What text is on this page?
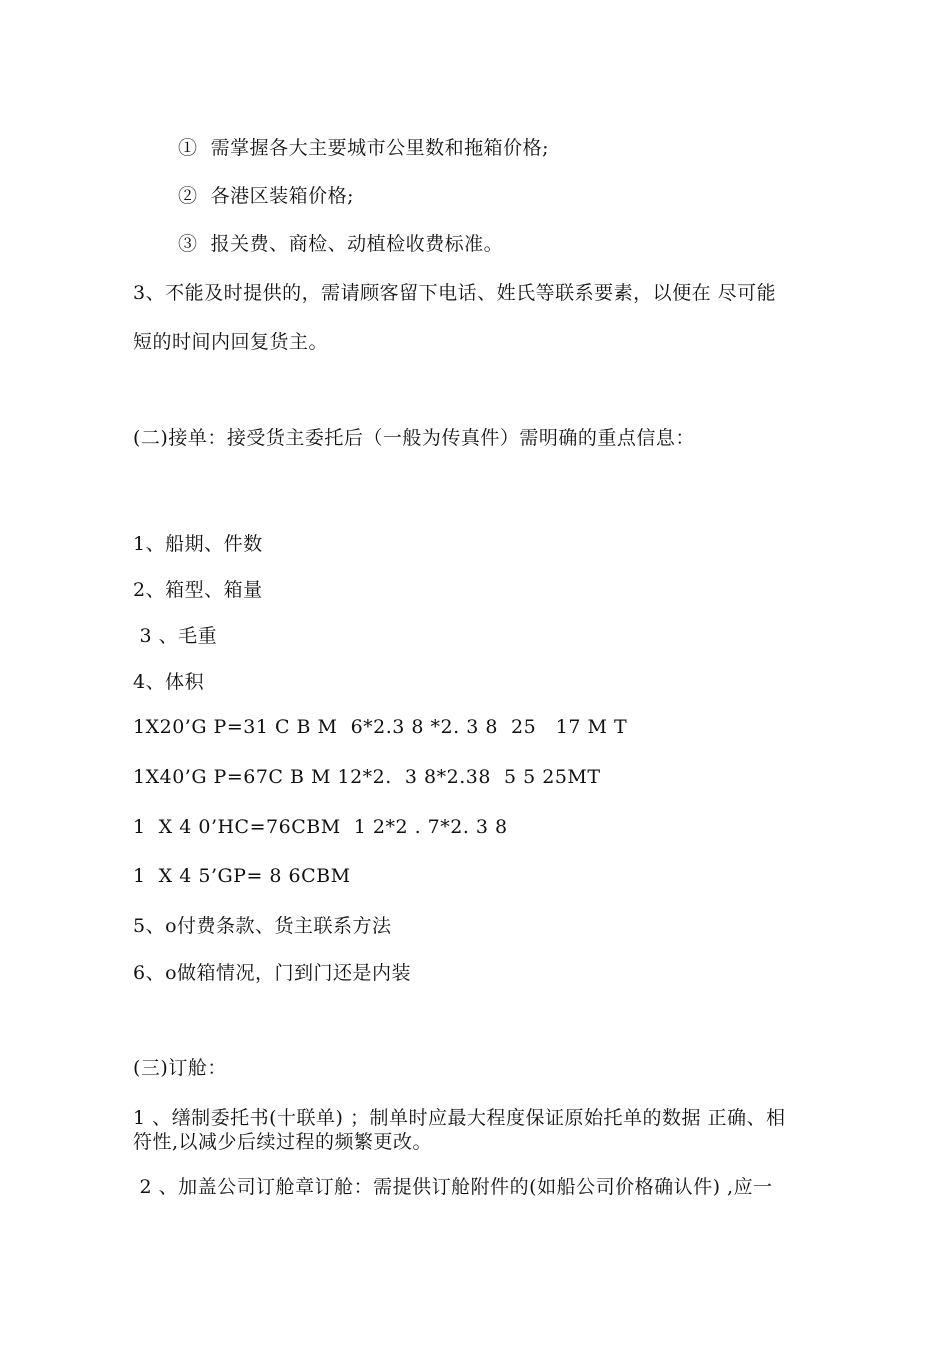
①  需掌握各大主要城市公里数和拖箱价格;
②  各港区装箱价格;
③  报关费、商检、动植检收费标准。
3、不能及时提供的，需请顾客留下电话、姓氏等联系要素，以便在 尽可能
短的时间内回复货主。
(二)接单：接受货主委托后（一般为传真件）需明确的重点信息：
1、船期、件数
2、箱型、箱量
3 、毛重
4、体积
1X20’G P=31 C B M  6*2.3 8 *2. 3 8  25   17 M T
1X40’G P=67C B M 12*2.  3 8*2.38  5 5 25MT
1  X 4 0’HC=76CBM  1 2*2 . 7*2. 3 8
1  X 4 5’GP= 8 6CBM
5、o付费条款、货主联系方法
6、o做箱情况，门到门还是内装
(三)订舱：
1 、缮制委托书(十联单) ；制单时应最大程度保证原始托单的数据 正确、相符性,以减少后续过程的频繁更改。
2 、加盖公司订舱章订舱：需提供订舱附件的(如船公司价格确认件) ,应一
